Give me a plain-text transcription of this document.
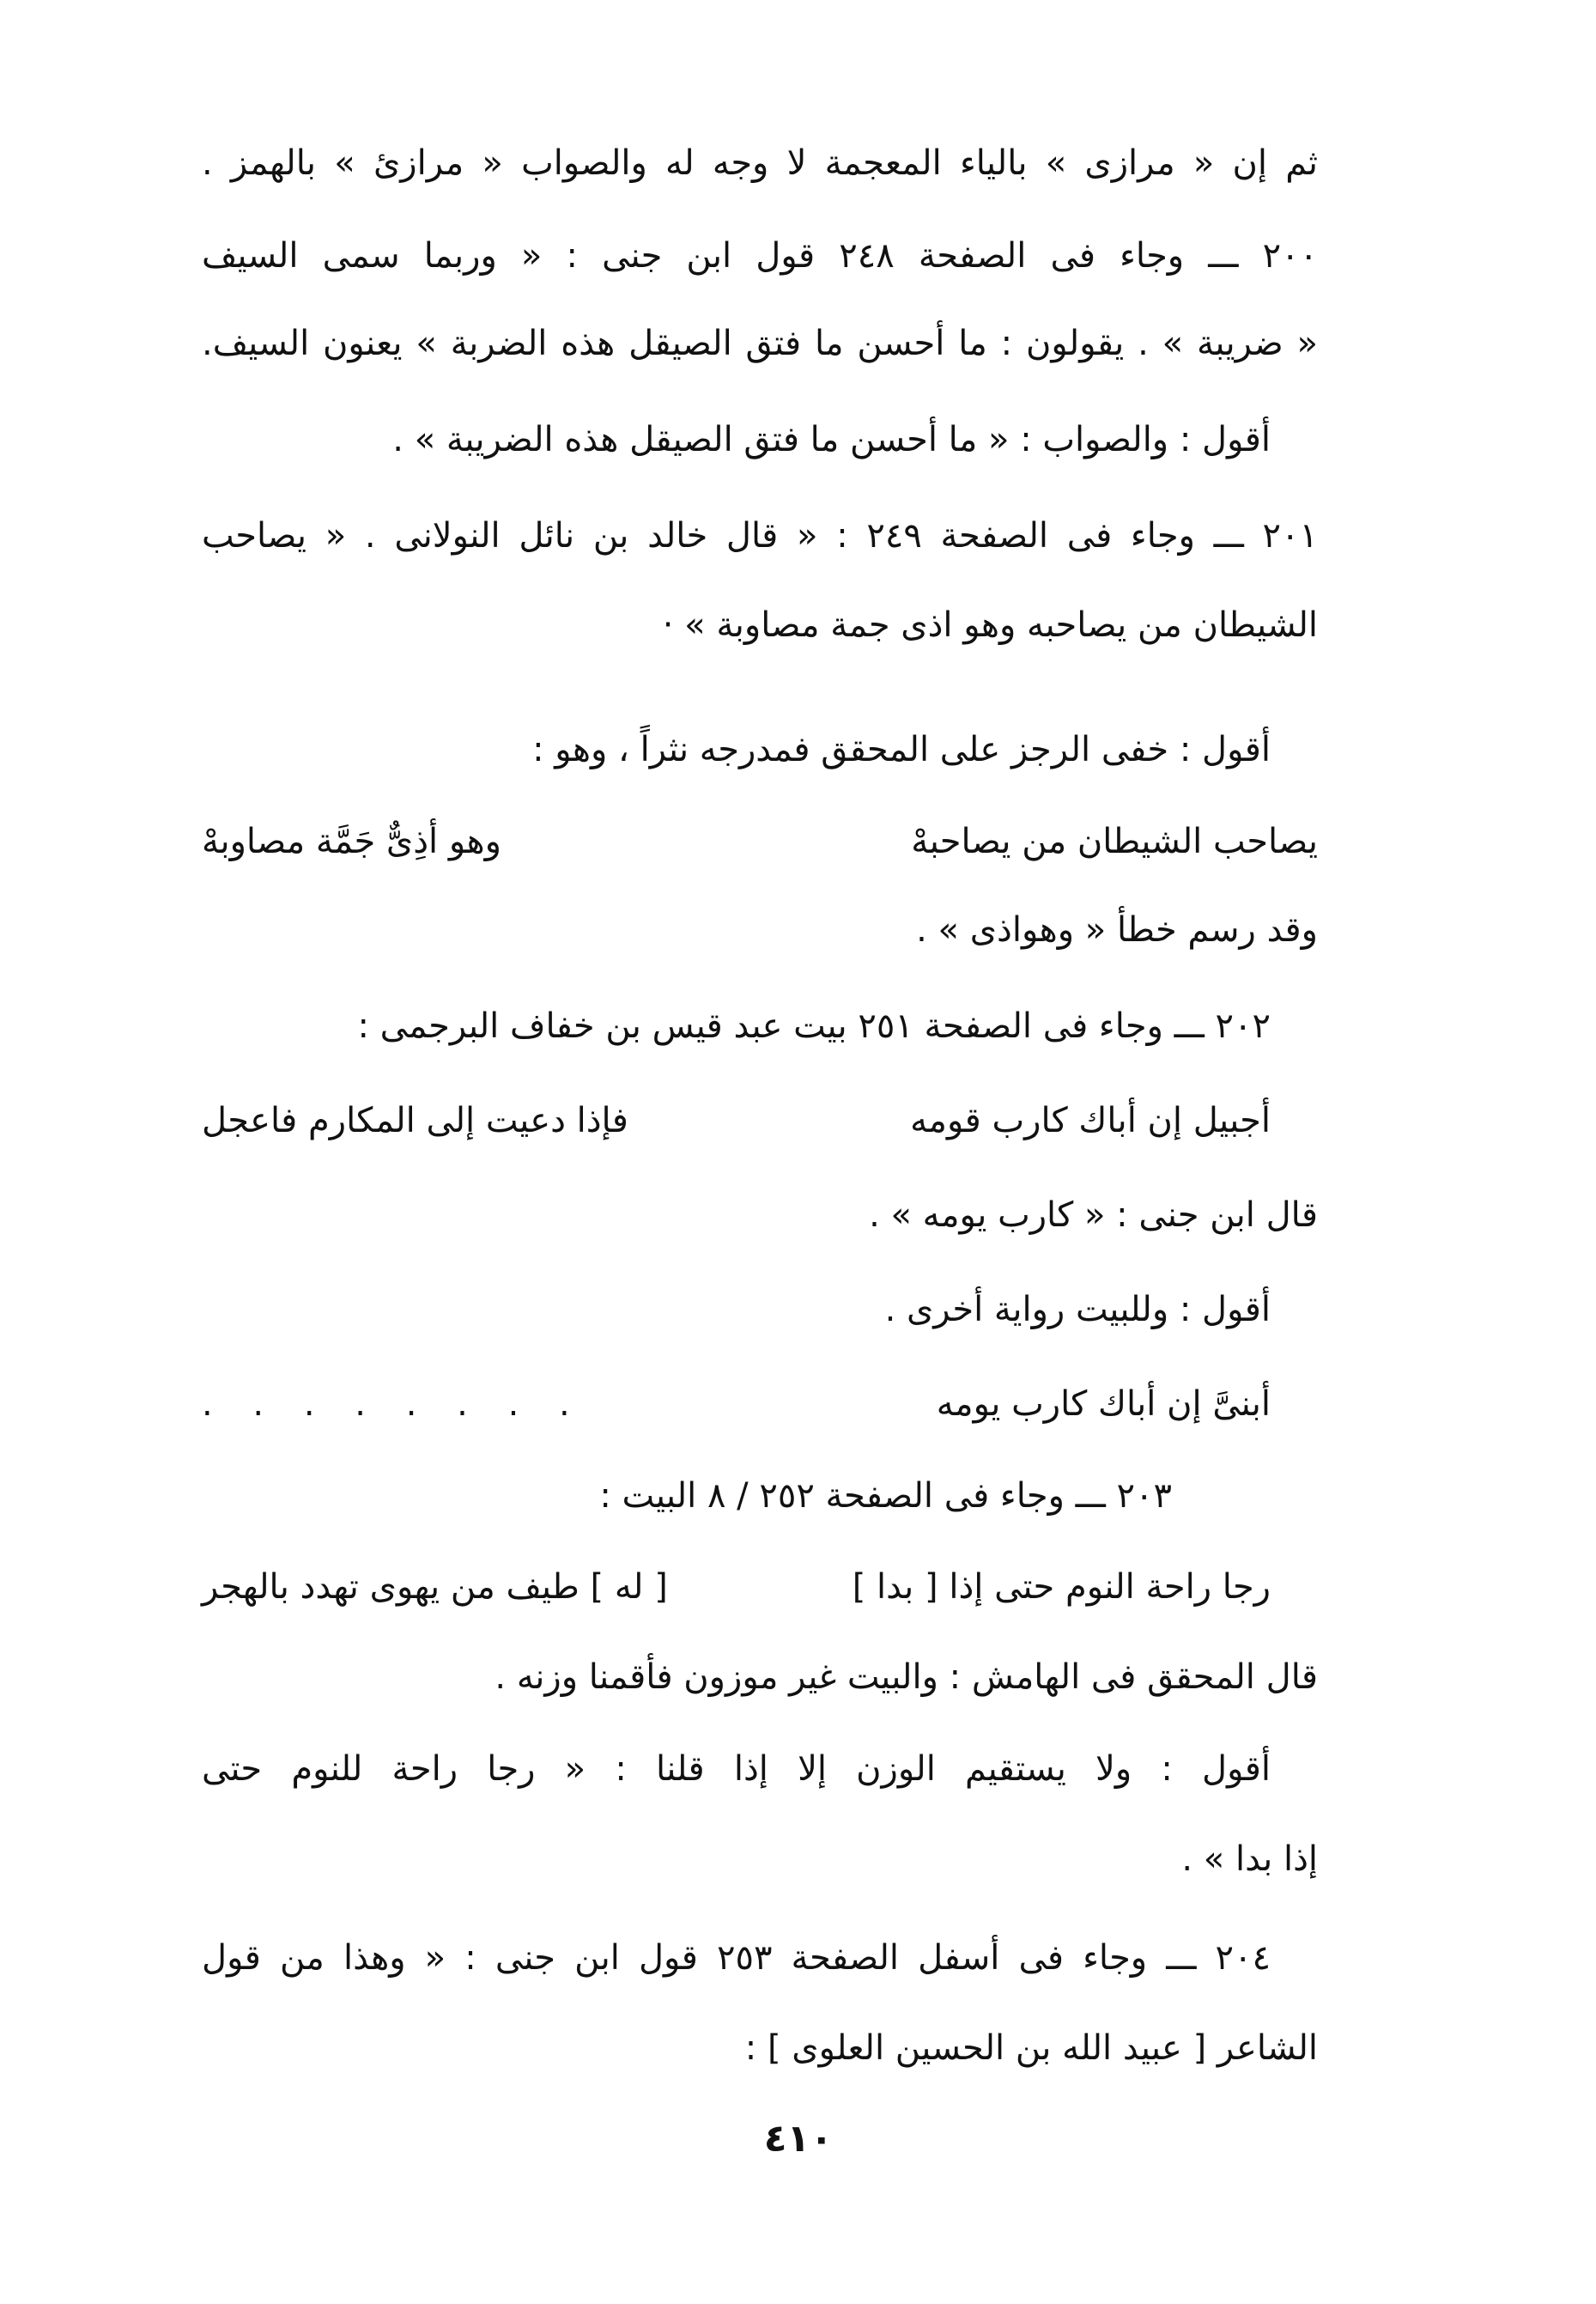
ثم إن « مرازى » بالياء المعجمة لا وجه له والصواب « مرازئ » بالهمز .
٢٠٠ ـــ وجاء فى الصفحة ٢٤٨ قول ابن جنى : « وربما سمى السيف
« ضريبة » . يقولون : ما أحسن ما فتق الصيقل هذه الضربة » يعنون السيف.
أقول : والصواب : « ما أحسن ما فتق الصيقل هذه الضريبة » .
٢٠١ ـــ وجاء فى الصفحة ٢٤٩ : « قال خالد بن نائل النولانى . « يصاحب
الشيطان من يصاحبه وهو اذى جمة مصاوبة » ·
أقول : خفى الرجز على المحقق فمدرجه نثراً ، وهو :
يصاحب الشيطان من يصاحبهْ
وهو أذِىٌّ جَمَّة مصاوبهْ
وقد رسم خطأ « وهواذى » .
٢٠٢ ـــ وجاء فى الصفحة ٢٥١ بيت عبد قيس بن خفاف البرجمى :
أجبيل إن أباك كارب قومه
فإذا دعيت إلى المكارم فاعجل
قال ابن جنى : « كارب يومه » .
أقول : وللبيت رواية أخرى .
أبنىَّ إن أباك كارب يومه
. . . . . . . .
٢٠٣ ـــ وجاء فى الصفحة ٢٥٢ / ٨ البيت :
رجا راحة النوم حتى إذا [ بدا ]
[ له ] طيف من يهوى تهدد بالهجر
قال المحقق فى الهامش : والبيت غير موزون فأقمنا وزنه .
أقول : ولا يستقيم الوزن إلا إذا قلنا : « رجا راحة للنوم حتى
إذا بدا » .
٢٠٤ ـــ وجاء فى أسفل الصفحة ٢٥٣ قول ابن جنى : « وهذا من قول
الشاعر [ عبيد الله بن الحسين العلوى ] :
٤١٠
